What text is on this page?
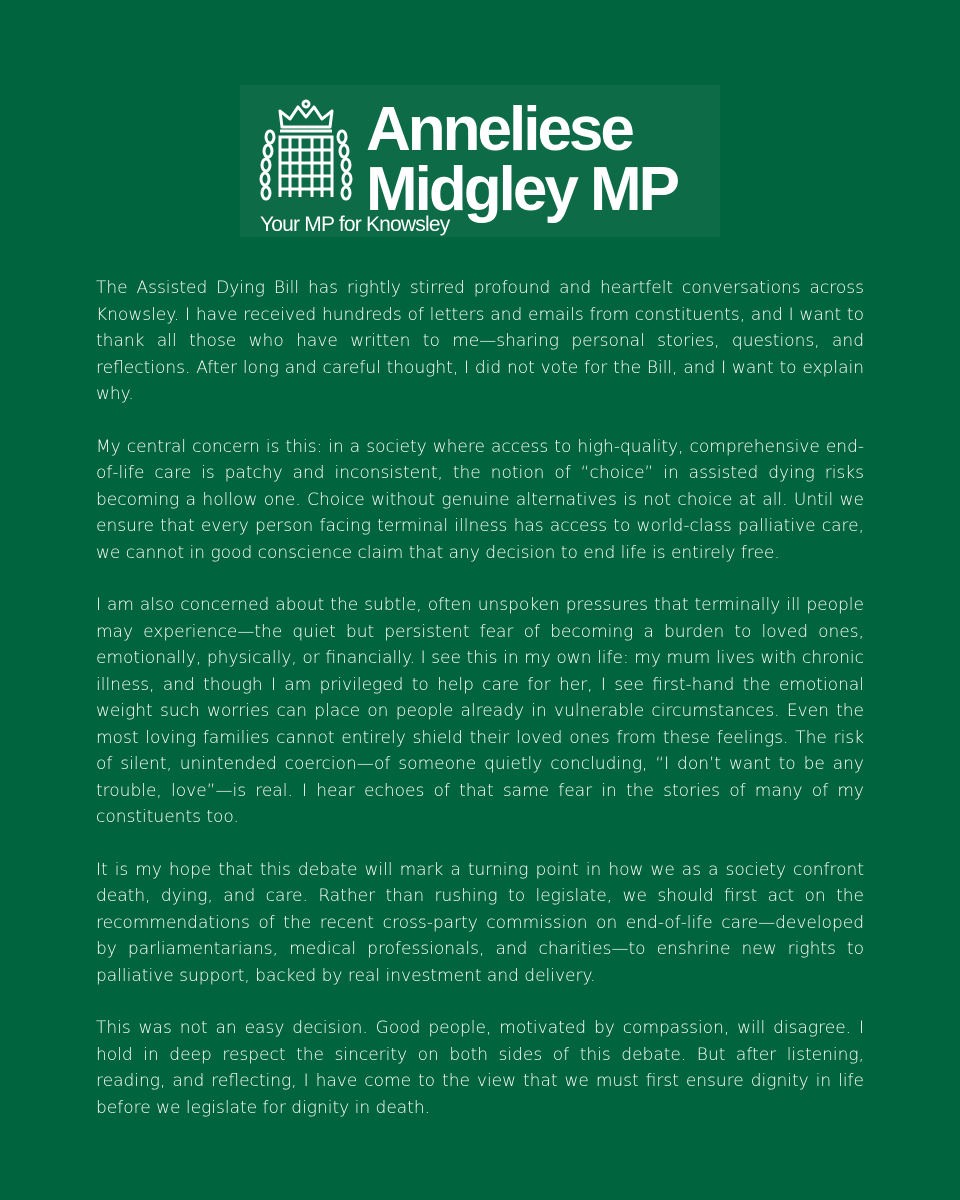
Anneliese
Midgley MP
Your MP for Knowsley

The Assisted Dying Bill has rightly stirred profound and heartfelt conversations across Knowsley. I have received hundreds of letters and emails from constituents, and I want to thank all those who have written to me—sharing personal stories, questions, and reflections. After long and careful thought, I did not vote for the Bill, and I want to explain why.

My central concern is this: in a society where access to high-quality, comprehensive end-of-life care is patchy and inconsistent, the notion of “choice” in assisted dying risks becoming a hollow one. Choice without genuine alternatives is not choice at all. Until we ensure that every person facing terminal illness has access to world-class palliative care, we cannot in good conscience claim that any decision to end life is entirely free.

I am also concerned about the subtle, often unspoken pressures that terminally ill people may experience—the quiet but persistent fear of becoming a burden to loved ones, emotionally, physically, or financially. I see this in my own life: my mum lives with chronic illness, and though I am privileged to help care for her, I see first-hand the emotional weight such worries can place on people already in vulnerable circumstances. Even the most loving families cannot entirely shield their loved ones from these feelings. The risk of silent, unintended coercion—of someone quietly concluding, “I don’t want to be any trouble, love”—is real. I hear echoes of that same fear in the stories of many of my constituents too.

It is my hope that this debate will mark a turning point in how we as a society confront death, dying, and care. Rather than rushing to legislate, we should first act on the recommendations of the recent cross-party commission on end-of-life care—developed by parliamentarians, medical professionals, and charities—to enshrine new rights to palliative support, backed by real investment and delivery.

This was not an easy decision. Good people, motivated by compassion, will disagree. I hold in deep respect the sincerity on both sides of this debate. But after listening, reading, and reflecting, I have come to the view that we must first ensure dignity in life before we legislate for dignity in death.
